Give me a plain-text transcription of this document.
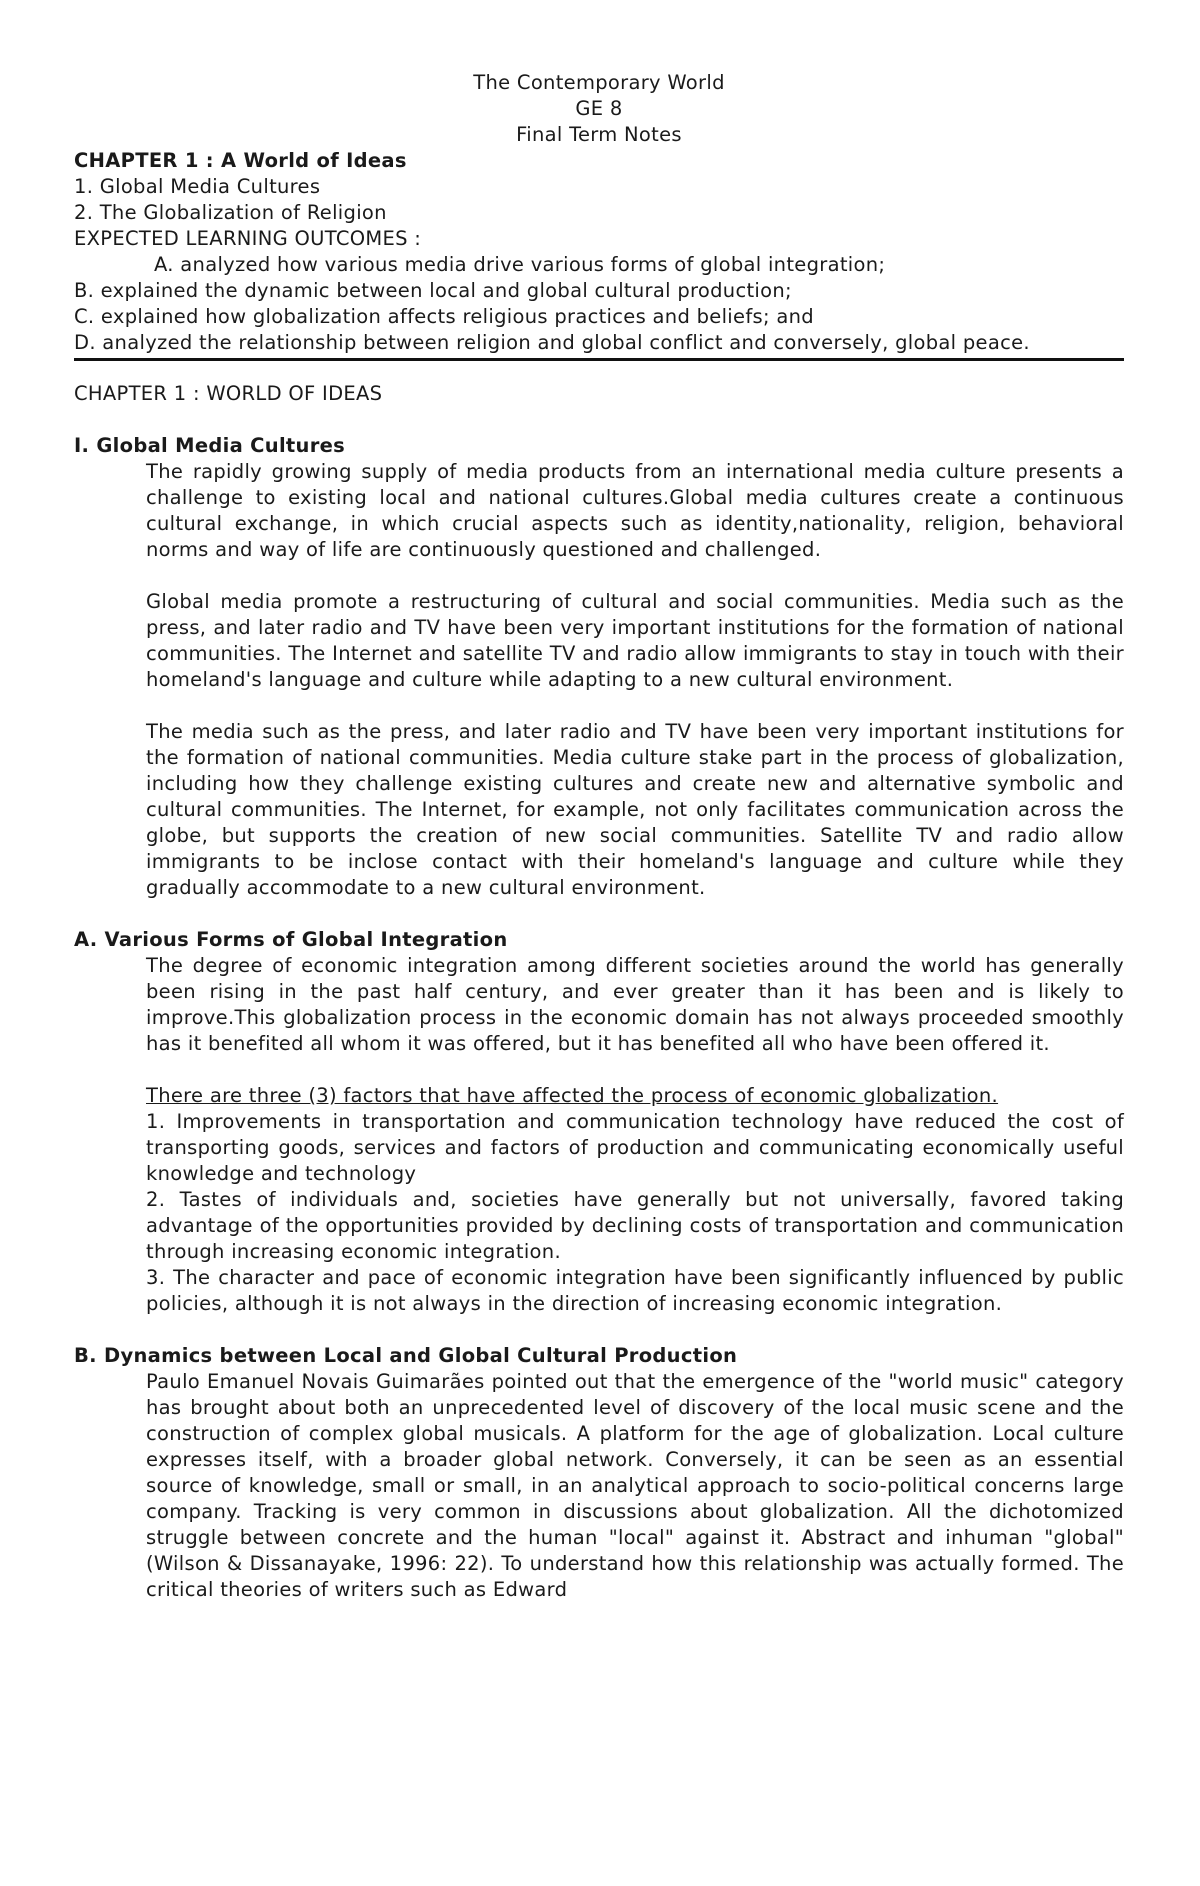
The Contemporary World

GE 8

Final Term Notes

CHAPTER 1 : A World of Ideas

1. Global Media Cultures

2. The Globalization of Religion

EXPECTED LEARNING OUTCOMES :

A. analyzed how various media drive various forms of global integration;

B. explained the dynamic between local and global cultural production;

C. explained how globalization affects religious practices and beliefs; and

D. analyzed the relationship between religion and global conflict and conversely, global peace.

CHAPTER 1 : WORLD OF IDEAS

I. Global Media Cultures

The rapidly growing supply of media products from an international media culture presents a challenge to existing local and national cultures.Global media cultures create a continuous cultural exchange, in which crucial aspects such as identity,nationality, religion, behavioral norms and way of life are continuously questioned and challenged.

Global media promote a restructuring of cultural and social communities. Media such as the press, and later radio and TV have been very important institutions for the formation of national communities. The Internet and satellite TV and radio allow immigrants to stay in touch with their homeland's language and culture while adapting to a new cultural environment.

The media such as the press, and later radio and TV have been very important institutions for the formation of national communities. Media culture stake part in the process of globalization, including how they challenge existing cultures and create new and alternative symbolic and cultural communities. The Internet, for example, not only facilitates communication across the globe, but supports the creation of new social communities. Satellite TV and radio allow immigrants to be inclose contact with their homeland's language and culture while they gradually accommodate to a new cultural environment.

A. Various Forms of Global Integration

The degree of economic integration among different societies around the world has generally been rising in the past half century, and ever greater than it has been and is likely to improve.This globalization process in the economic domain has not always proceeded smoothly has it benefited all whom it was offered, but it has benefited all who have been offered it.

There are three (3) factors that have affected the process of economic globalization.

1. Improvements in transportation and communication technology have reduced the cost of transporting goods, services and factors of production and communicating economically useful knowledge and technology

2. Tastes of individuals and, societies have generally but not universally, favored taking advantage of the opportunities provided by declining costs of transportation and communication through increasing economic integration.

3. The character and pace of economic integration have been significantly influenced by public policies, although it is not always in the direction of increasing economic integration.

B. Dynamics between Local and Global Cultural Production

Paulo Emanuel Novais Guimarães pointed out that the emergence of the "world music" category has brought about both an unprecedented level of discovery of the local music scene and the construction of complex global musicals. A platform for the age of globalization. Local culture expresses itself, with a broader global network. Conversely, it can be seen as an essential source of knowledge, small or small, in an analytical approach to socio-political concerns large company. Tracking is very common in discussions about globalization. All the dichotomized struggle between concrete and the human "local" against it. Abstract and inhuman "global" (Wilson & Dissanayake, 1996: 22). To understand how this relationship was actually formed. The critical theories of writers such as Edward
